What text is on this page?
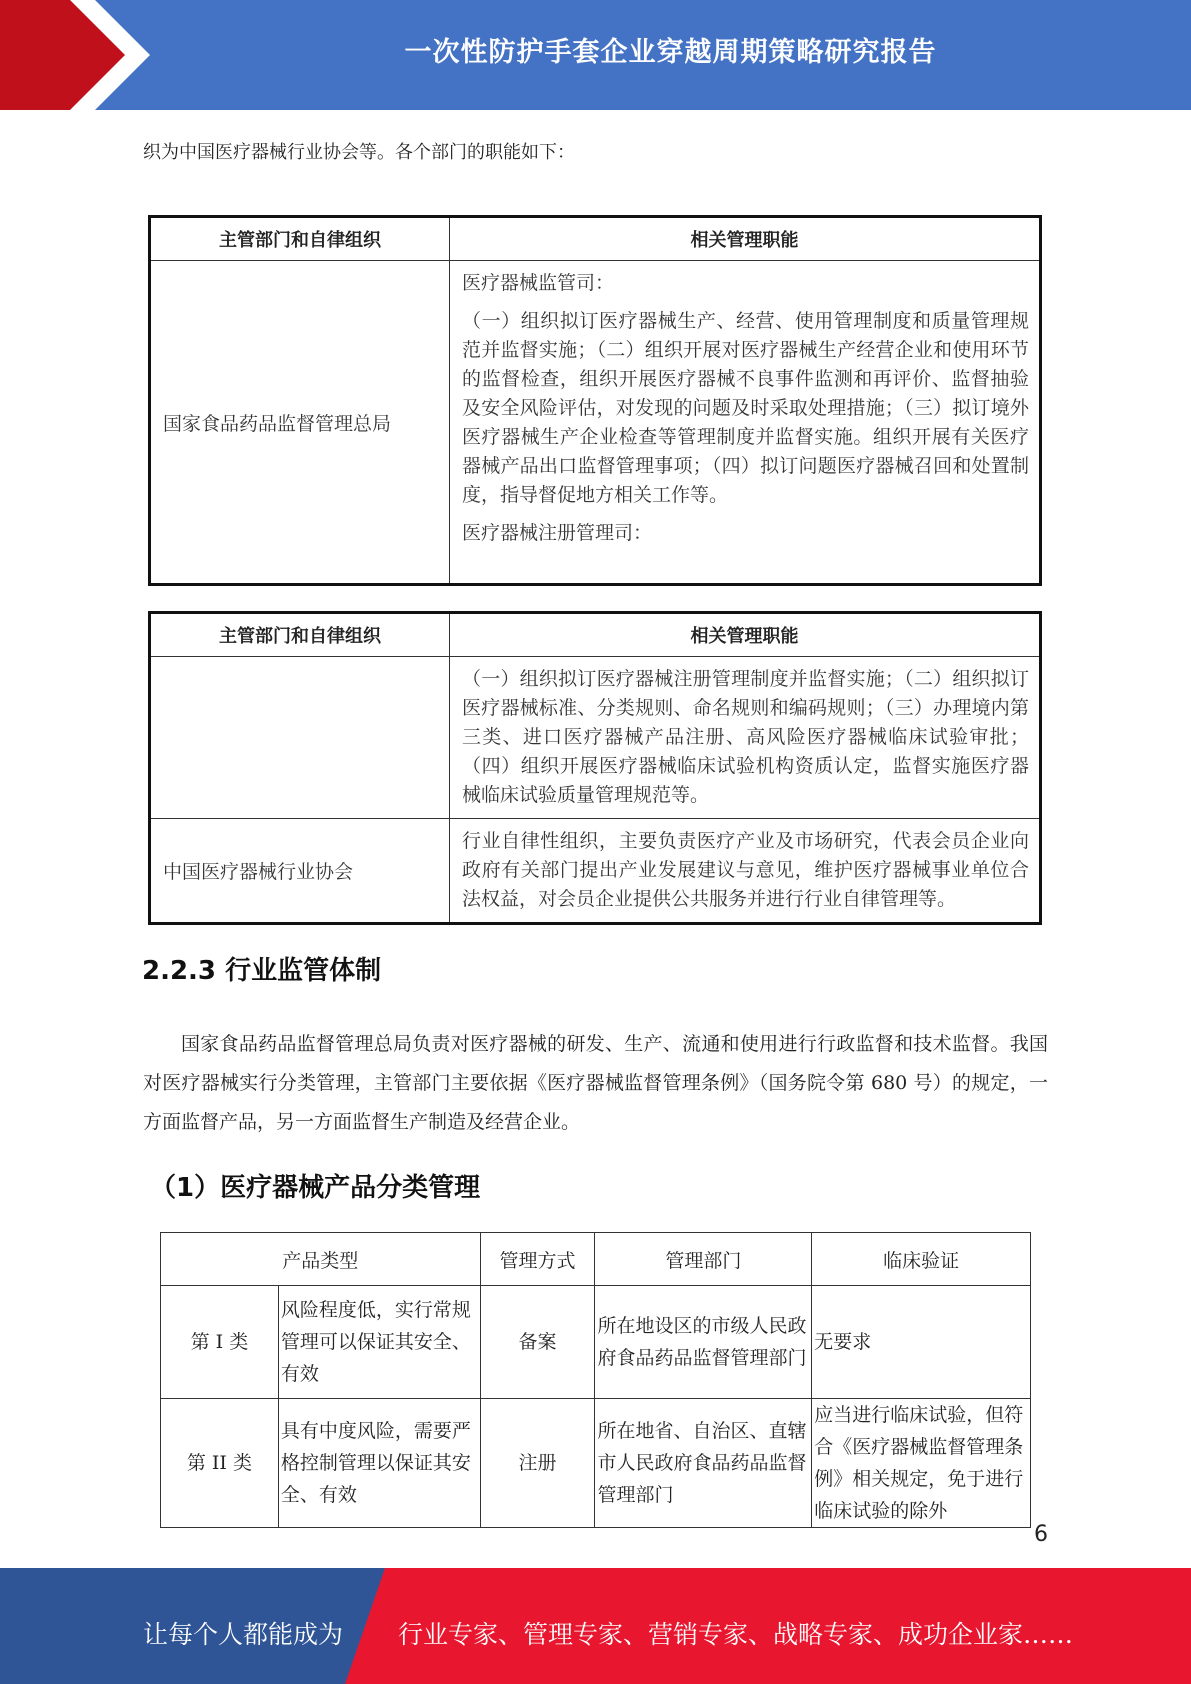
一次性防护手套企业穿越周期策略研究报告
织为中国医疗器械行业协会等。各个部门的职能如下：
主管部门和自律组织	相关管理职能
国家食品药品监督管理总局	医疗器械监管司：

（一）组织拟订医疗器械生产、经营、使用管理制度和质量管理规范并监督实施；（二）组织开展对医疗器械生产经营企业和使用环节的监督检查，组织开展医疗器械不良事件监测和再评价、监督抽验及安全风险评估，对发现的问题及时采取处理措施；（三）拟订境外医疗器械生产企业检查等管理制度并监督实施。组织开展有关医疗器械产品出口监督管理事项；（四）拟订问题医疗器械召回和处置制度，指导督促地方相关工作等。

医疗器械注册管理司：

主管部门和自律组织	相关管理职能
	（一）组织拟订医疗器械注册管理制度并监督实施；（二）组织拟订医疗器械标准、分类规则、命名规则和编码规则；（三）办理境内第三类、进口医疗器械产品注册、高风险医疗器械临床试验审批；（四）组织开展医疗器械临床试验机构资质认定，监督实施医疗器械临床试验质量管理规范等。
中国医疗器械行业协会	行业自律性组织，主要负责医疗产业及市场研究，代表会员企业向政府有关部门提出产业发展建议与意见，维护医疗器械事业单位合法权益，对会员企业提供公共服务并进行行业自律管理等。
2.2.3 行业监管体制
国家食品药品监督管理总局负责对医疗器械的研发、生产、流通和使用进行行政监督和技术监督。我国对医疗器械实行分类管理，主管部门主要依据《医疗器械监督管理条例》（国务院令第 680 号）的规定，一方面监督产品，另一方面监督生产制造及经营企业。
（1）医疗器械产品分类管理
产品类型		管理方式	管理部门	临床验证
第 I 类	风险程度低，实行常规管理可以保证其安全、有效	备案	所在地设区的市级人民政府食品药品监督管理部门	无要求
第 II 类	具有中度风险，需要严格控制管理以保证其安全、有效	注册	所在地省、自治区、直辖市人民政府食品药品监督管理部门	应当进行临床试验，但符合《医疗器械监督管理条例》相关规定，免于进行临床试验的除外
6
让每个人都能成为 行业专家、管理专家、营销专家、战略专家、成功企业家……
